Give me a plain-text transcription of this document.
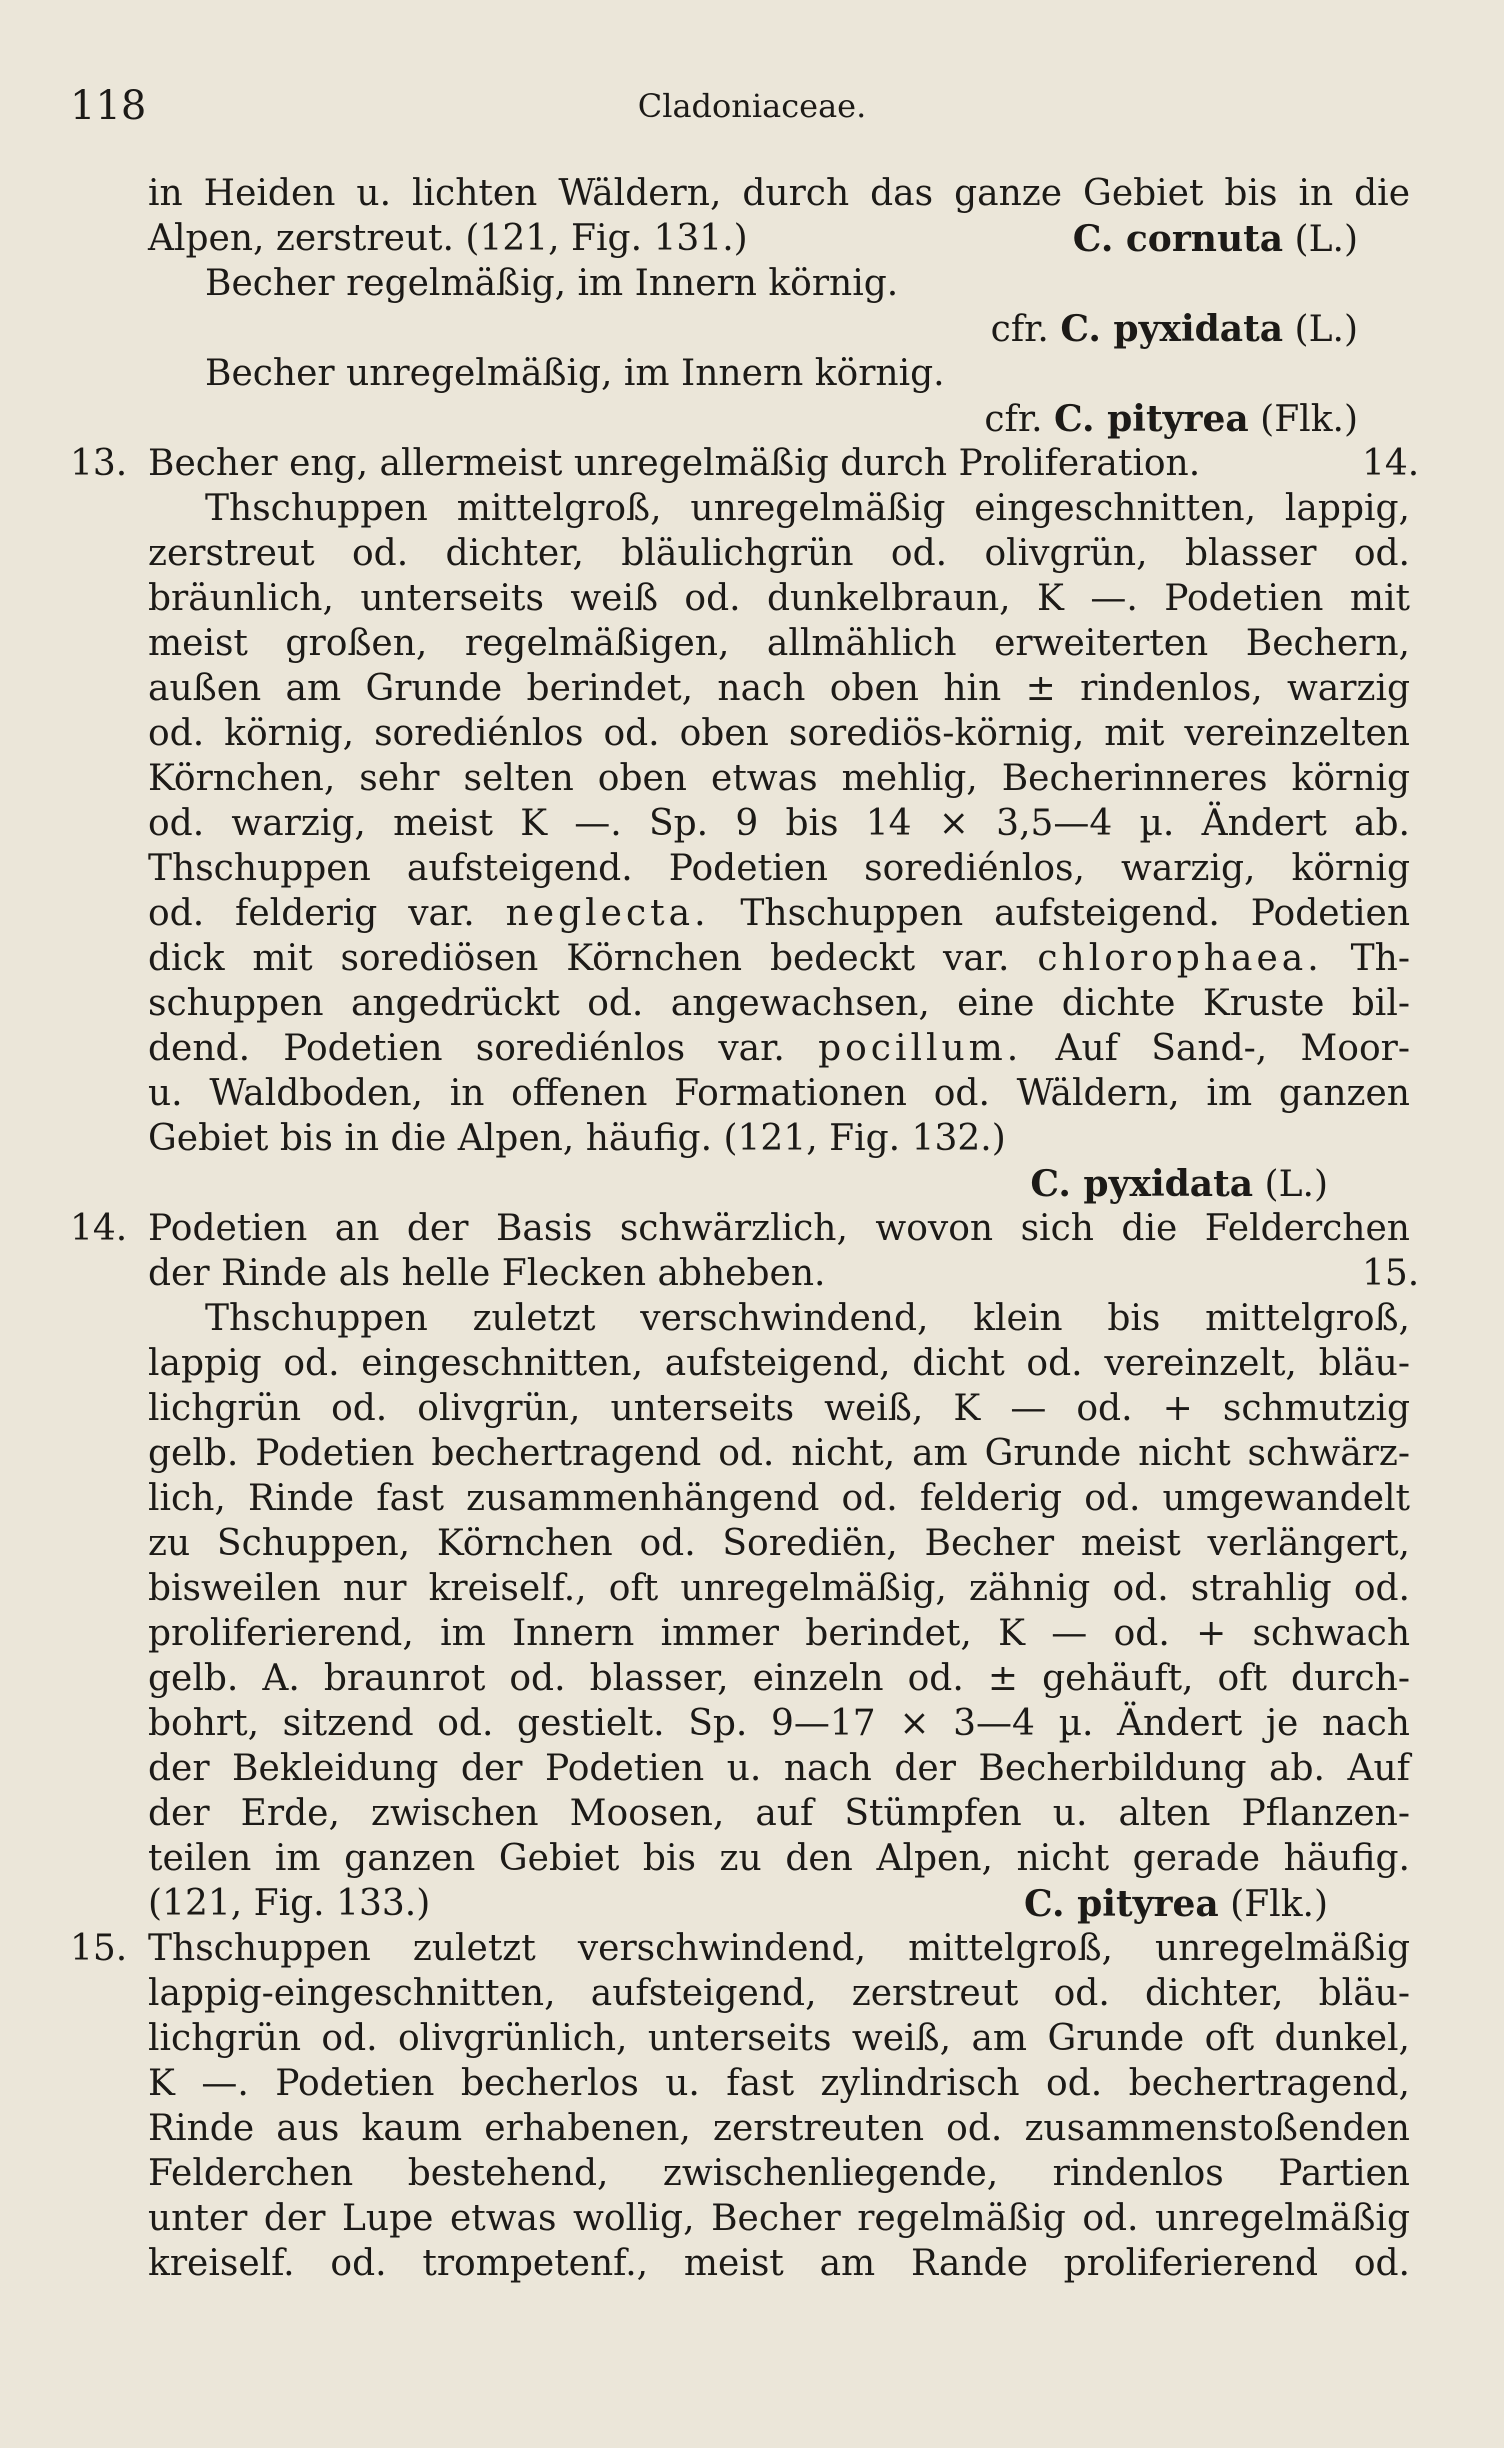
118	Cladoniaceae.
in Heiden u. lichten Wäldern, durch das ganze Gebiet bis in die
Alpen, zerstreut. (121, Fig. 131.)	C. cornuta (L.)
Becher regelmäßig, im Innern körnig.
cfr. C. pyxidata (L.)
Becher unregelmäßig, im Innern körnig.
cfr. C. pityrea (Flk.)
13. Becher eng, allermeist unregelmäßig durch Proliferation.	14.
Thschuppen mittelgroß, unregelmäßig eingeschnitten, lappig,
zerstreut od. dichter, bläulichgrün od. olivgrün, blasser od.
bräunlich, unterseits weiß od. dunkelbraun, K —. Podetien mit
meist großen, regelmäßigen, allmählich erweiterten Bechern,
außen am Grunde berindet, nach oben hin ± rindenlos, warzig
od. körnig, sorediénlos od. oben sorediös-körnig, mit vereinzelten
Körnchen, sehr selten oben etwas mehlig, Becherinneres körnig
od. warzig, meist K —. Sp. 9 bis 14 × 3,5—4 µ. Ändert ab.
Thschuppen aufsteigend. Podetien sorediénlos, warzig, körnig
od. felderig var. neglecta. Thschuppen aufsteigend. Podetien
dick mit sorediösen Körnchen bedeckt var. chlorophaea. Th-
schuppen angedrückt od. angewachsen, eine dichte Kruste bil-
dend. Podetien sorediénlos var. pocillum. Auf Sand-, Moor-
u. Waldboden, in offenen Formationen od. Wäldern, im ganzen
Gebiet bis in die Alpen, häufig. (121, Fig. 132.)
C. pyxidata (L.)
14. Podetien an der Basis schwärzlich, wovon sich die Felderchen
der Rinde als helle Flecken abheben.	15.
Thschuppen zuletzt verschwindend, klein bis mittelgroß,
lappig od. eingeschnitten, aufsteigend, dicht od. vereinzelt, bläu-
lichgrün od. olivgrün, unterseits weiß, K — od. + schmutzig
gelb. Podetien bechertragend od. nicht, am Grunde nicht schwärz-
lich, Rinde fast zusammenhängend od. felderig od. umgewandelt
zu Schuppen, Körnchen od. Sorediën, Becher meist verlängert,
bisweilen nur kreiself., oft unregelmäßig, zähnig od. strahlig od.
proliferierend, im Innern immer berindet, K — od. + schwach
gelb. A. braunrot od. blasser, einzeln od. ± gehäuft, oft durch-
bohrt, sitzend od. gestielt. Sp. 9—17 × 3—4 µ. Ändert je nach
der Bekleidung der Podetien u. nach der Becherbildung ab. Auf
der Erde, zwischen Moosen, auf Stümpfen u. alten Pflanzen-
teilen im ganzen Gebiet bis zu den Alpen, nicht gerade häufig.
(121, Fig. 133.)	C. pityrea (Flk.)
15. Thschuppen zuletzt verschwindend, mittelgroß, unregelmäßig
lappig-eingeschnitten, aufsteigend, zerstreut od. dichter, bläu-
lichgrün od. olivgrünlich, unterseits weiß, am Grunde oft dunkel,
K —. Podetien becherlos u. fast zylindrisch od. bechertragend,
Rinde aus kaum erhabenen, zerstreuten od. zusammenstoßenden
Felderchen bestehend, zwischenliegende, rindenlos Partien
unter der Lupe etwas wollig, Becher regelmäßig od. unregelmäßig
kreiself. od. trompetenf., meist am Rande proliferierend od.
